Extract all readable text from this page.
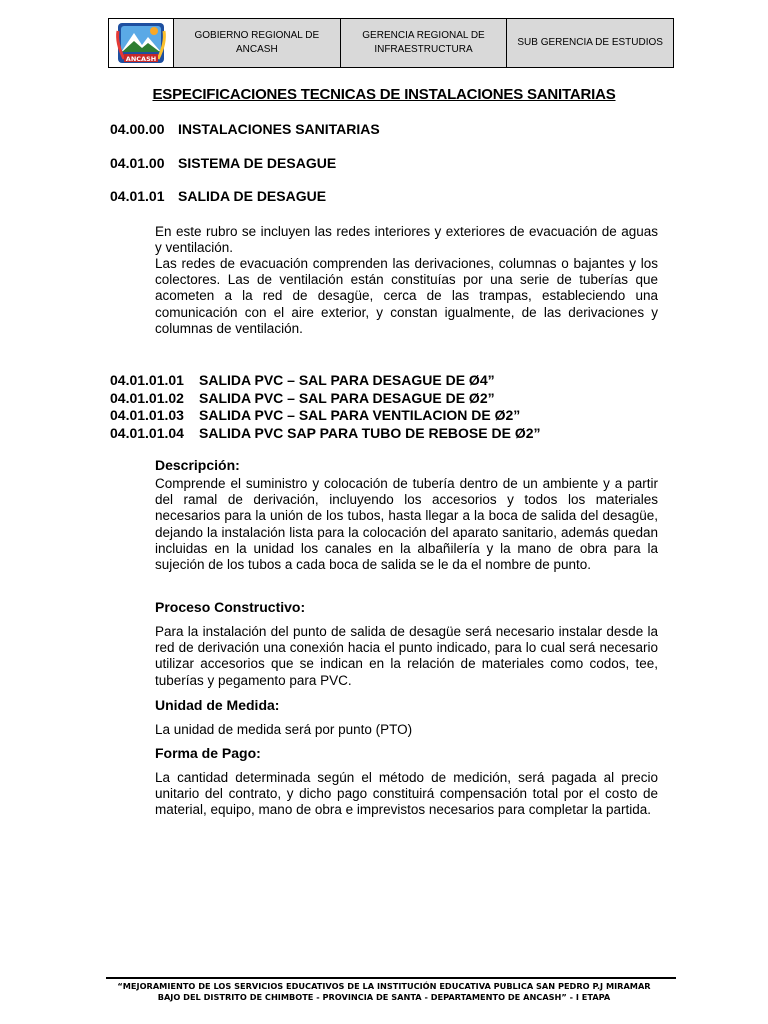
ANCASH
GOBIERNO REGIONAL DE ANCASH
GERENCIA REGIONAL DE INFRAESTRUCTURA
SUB GERENCIA DE ESTUDIOS
ESPECIFICACIONES TECNICAS DE INSTALACIONES SANITARIAS
04.00.00 INSTALACIONES SANITARIAS
04.01.00 SISTEMA DE DESAGUE
04.01.01 SALIDA DE DESAGUE

En este rubro se incluyen las redes interiores y exteriores de evacuación de aguas y ventilación.

Las redes de evacuación comprenden las derivaciones, columnas o bajantes y los colectores. Las de ventilación están constituías por una serie de tuberías que acometen a la red de desagüe, cerca de las trampas, estableciendo una comunicación con el aire exterior, y constan igualmente, de las derivaciones y columnas de ventilación.

04.01.01.01 SALIDA PVC – SAL PARA DESAGUE DE Ø4”
04.01.01.02 SALIDA PVC – SAL PARA DESAGUE DE Ø2”
04.01.01.03 SALIDA PVC – SAL PARA VENTILACION DE Ø2”
04.01.01.04 SALIDA PVC SAP PARA TUBO DE REBOSE DE Ø2”
Descripción:

Comprende el suministro y colocación de tubería dentro de un ambiente y a partir del ramal de derivación, incluyendo los accesorios y todos los materiales necesarios para la unión de los tubos, hasta llegar a la boca de salida del desagüe, dejando la instalación lista para la colocación del aparato sanitario, además quedan incluidas en la unidad los canales en la albañilería y la mano de obra para la sujeción de los tubos a cada boca de salida se le da el nombre de punto.

Proceso Constructivo:

Para la instalación del punto de salida de desagüe será necesario instalar desde la red de derivación una conexión hacia el punto indicado, para lo cual será necesario utilizar accesorios que se indican en la relación de materiales como codos, tee, tuberías y pegamento para PVC.

Unidad de Medida:

La unidad de medida será por punto (PTO)

Forma de Pago:

La cantidad determinada según el método de medición, será pagada al precio unitario del contrato, y dicho pago constituirá compensación total por el costo de material, equipo, mano de obra e imprevistos necesarios para completar la partida.

“MEJORAMIENTO DE LOS SERVICIOS EDUCATIVOS DE LA INSTITUCIÓN EDUCATIVA PUBLICA SAN PEDRO P.J MIRAMAR
BAJO DEL DISTRITO DE CHIMBOTE - PROVINCIA DE SANTA - DEPARTAMENTO DE ANCASH” - I ETAPA
